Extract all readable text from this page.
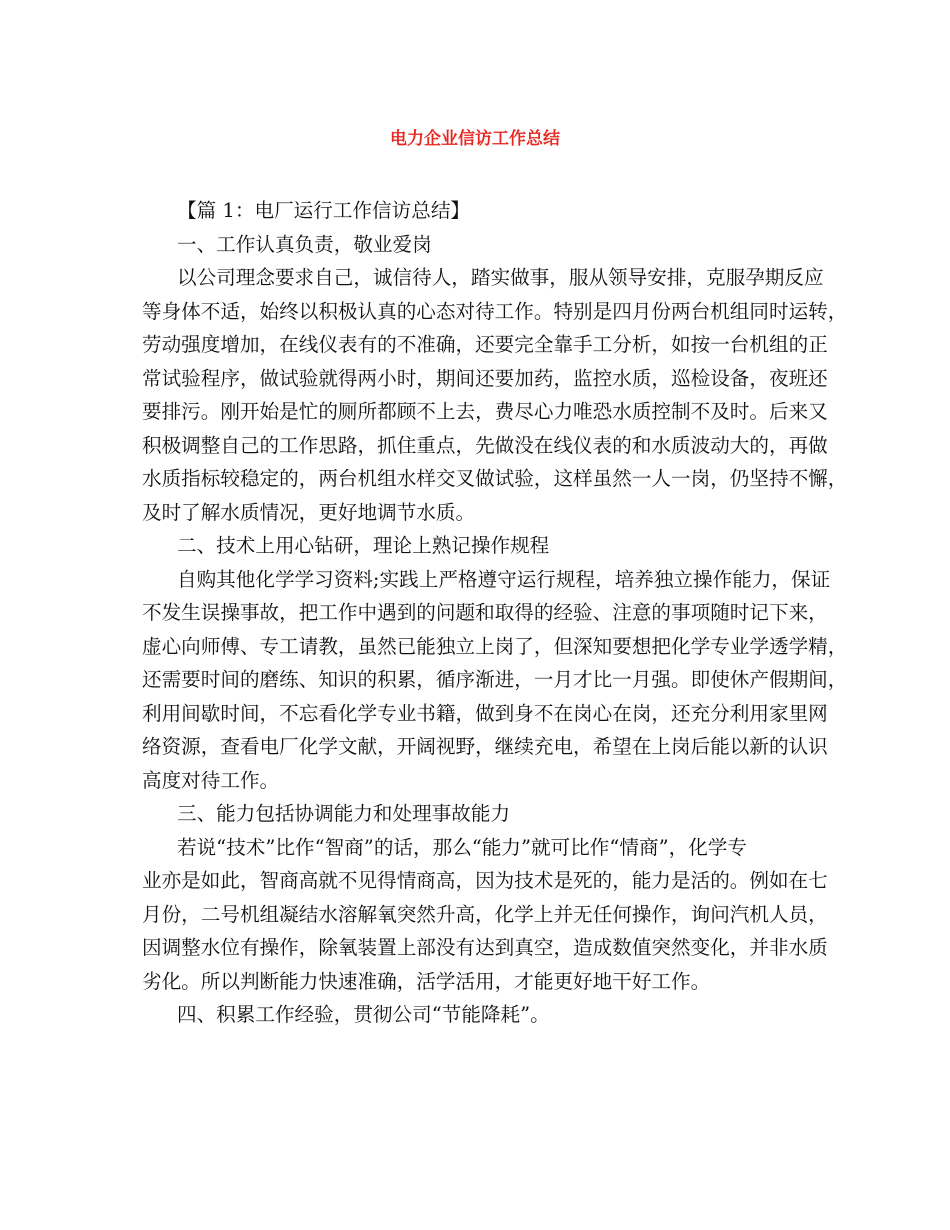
电力企业信访工作总结

【篇 1：电厂运行工作信访总结】

一、工作认真负责，敬业爱岗

以公司理念要求自己，诚信待人，踏实做事，服从领导安排，克服孕期反应

等身体不适，始终以积极认真的心态对待工作。特别是四月份两台机组同时运转，

劳动强度增加，在线仪表有的不准确，还要完全靠手工分析，如按一台机组的正

常试验程序，做试验就得两小时，期间还要加药，监控水质，巡检设备，夜班还

要排污。刚开始是忙的厕所都顾不上去，费尽心力唯恐水质控制不及时。后来又

积极调整自己的工作思路，抓住重点，先做没在线仪表的和水质波动大的，再做

水质指标较稳定的，两台机组水样交叉做试验，这样虽然一人一岗，仍坚持不懈，

及时了解水质情况，更好地调节水质。

二、技术上用心钻研，理论上熟记操作规程

自购其他化学学习资料;实践上严格遵守运行规程，培养独立操作能力，保证

不发生误操事故，把工作中遇到的问题和取得的经验、注意的事项随时记下来，

虚心向师傅、专工请教，虽然已能独立上岗了，但深知要想把化学专业学透学精，

还需要时间的磨练、知识的积累，循序渐进，一月才比一月强。即使休产假期间，

利用间歇时间，不忘看化学专业书籍，做到身不在岗心在岗，还充分利用家里网

络资源，查看电厂化学文献，开阔视野，继续充电，希望在上岗后能以新的认识

高度对待工作。

三、能力包括协调能力和处理事故能力

若说“技术”比作“智商”的话，那么“能力”就可比作“情商”，化学专

业亦是如此，智商高就不见得情商高，因为技术是死的，能力是活的。例如在七

月份，二号机组凝结水溶解氧突然升高，化学上并无任何操作，询问汽机人员，

因调整水位有操作，除氧装置上部没有达到真空，造成数值突然变化，并非水质

劣化。所以判断能力快速准确，活学活用，才能更好地干好工作。

四、积累工作经验，贯彻公司“节能降耗”。
